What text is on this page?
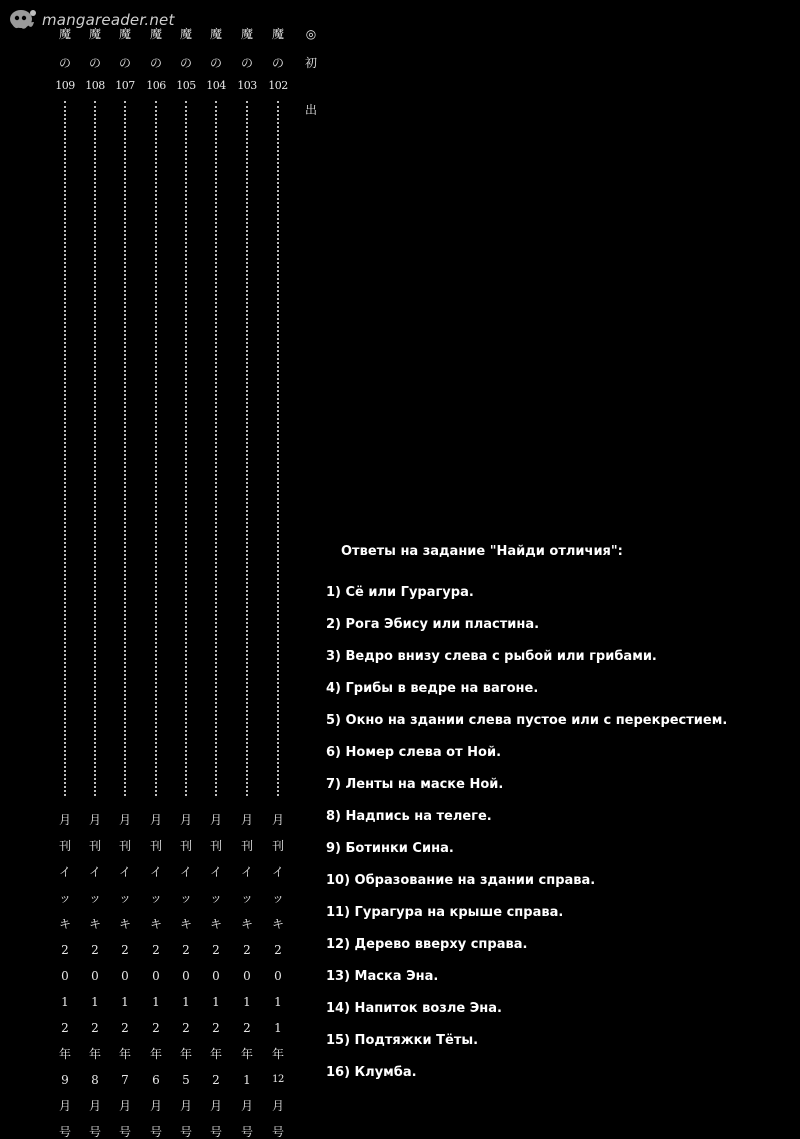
mangareader.net
魔
の
109
月
刊
イ
ッ
キ
2
0
1
2
年
9
月
号
魔
の
108
月
刊
イ
ッ
キ
2
0
1
2
年
8
月
号
魔
の
107
月
刊
イ
ッ
キ
2
0
1
2
年
7
月
号
魔
の
106
月
刊
イ
ッ
キ
2
0
1
2
年
6
月
号
魔
の
105
月
刊
イ
ッ
キ
2
0
1
2
年
5
月
号
魔
の
104
月
刊
イ
ッ
キ
2
0
1
2
年
2
月
号
魔
の
103
月
刊
イ
ッ
キ
2
0
1
2
年
1
月
号
魔
の
102
月
刊
イ
ッ
キ
2
0
1
1
年
12
月
号
◎
初
出
Ответы на задание "Найди отличия":
1) Сё или Гурагура.
2) Рога Эбису или пластина.
3) Ведро внизу слева с рыбой или грибами.
4) Грибы в ведре на вагоне.
5) Окно на здании слева пустое или с перекрестием.
6) Номер слева от Ной.
7) Ленты на маске Ной.
8) Надпись на телеге.
9) Ботинки Сина.
10) Образование на здании справа.
11) Гурагура на крыше справа.
12) Дерево вверху справа.
13) Маска Эна.
14) Напиток возле Эна.
15) Подтяжки Тёты.
16) Клумба.
